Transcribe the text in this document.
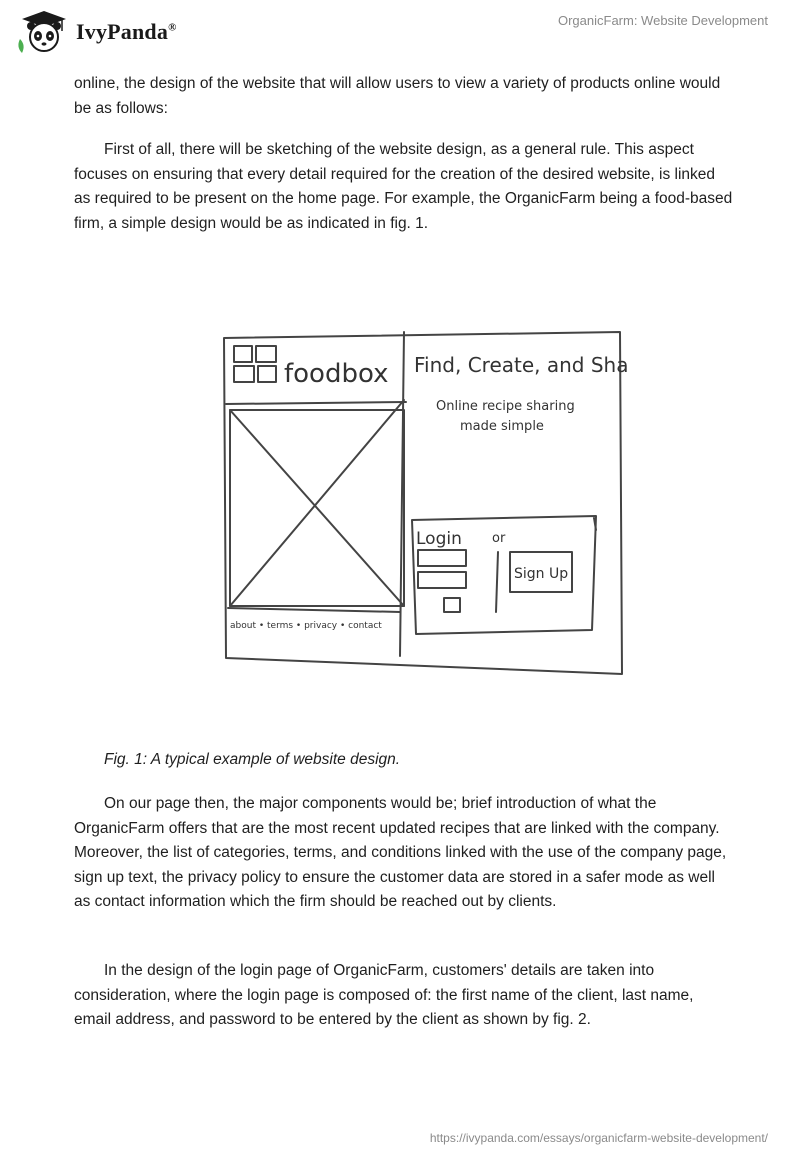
IvyPanda®	OrganicFarm: Website Development

online, the design of the website that will allow users to view a variety of products online would be as follows:

First of all, there will be sketching of the website design, as a general rule. This aspect focuses on ensuring that every detail required for the creation of the desired website, is linked as required to be present on the home page. For example, the OrganicFarm being a food-based firm, a simple design would be as indicated in fig. 1.

foodbox
about • terms • privacy • contact
Find, Create, and Share
Online recipe sharing
made simple
Login or
Sign Up
Fig. 1: A typical example of website design.

On our page then, the major components would be; brief introduction of what the OrganicFarm offers that are the most recent updated recipes that are linked with the company. Moreover, the list of categories, terms, and conditions linked with the use of the company page, sign up text, the privacy policy to ensure the customer data are stored in a safer mode as well as contact information which the firm should be reached out by clients.

In the design of the login page of OrganicFarm, customers' details are taken into consideration, where the login page is composed of: the first name of the client, last name, email address, and password to be entered by the client as shown by fig. 2.

https://ivypanda.com/essays/organicfarm-website-development/
